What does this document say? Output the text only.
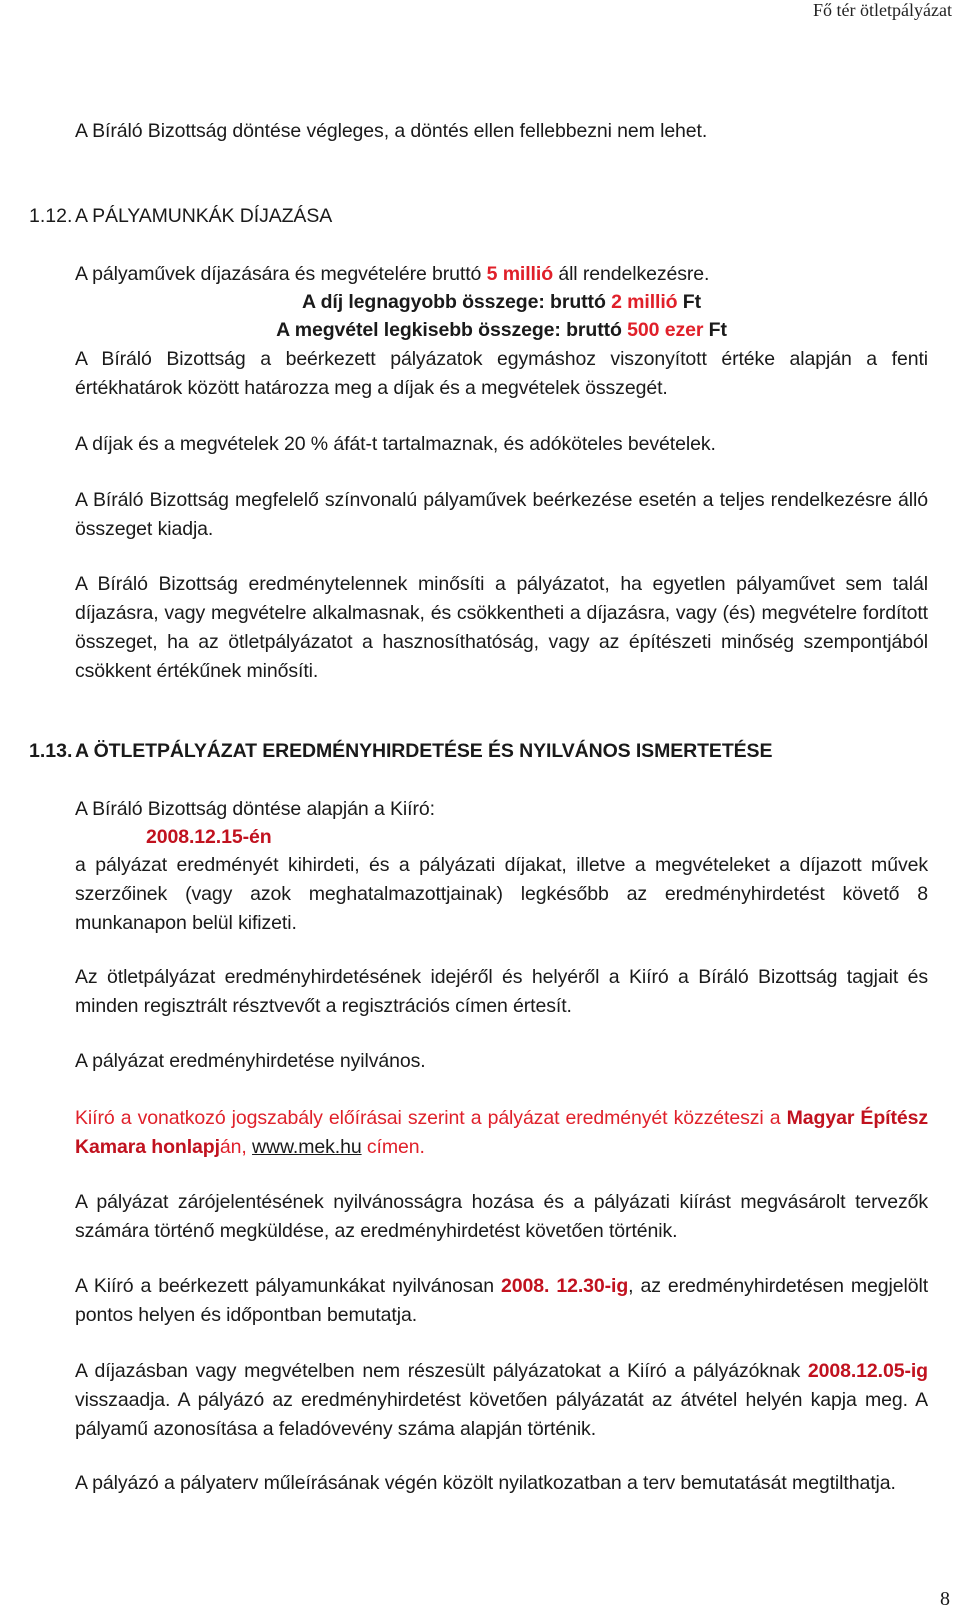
Fő tér ötletpályázat

A Bíráló Bizottság döntése végleges, a döntés ellen fellebbezni nem lehet.

1.12. A PÁLYAMUNKÁK DÍJAZÁSA

A pályaművek díjazására és megvételére bruttó 5 millió áll rendelkezésre.

A díj legnagyobb összege: bruttó 2 millió Ft

A megvétel legkisebb összege: bruttó 500 ezer Ft

A Bíráló Bizottság a beérkezett pályázatok egymáshoz viszonyított értéke alapján a fenti értékhatárok között határozza meg a díjak és a megvételek összegét.

A díjak és a megvételek 20 % áfát-t tartalmaznak, és adóköteles bevételek.

A Bíráló Bizottság megfelelő színvonalú pályaművek beérkezése esetén a teljes rendelkezésre álló összeget kiadja.

A Bíráló Bizottság eredménytelennek minősíti a pályázatot, ha egyetlen pályaművet sem talál díjazásra, vagy megvételre alkalmasnak, és csökkentheti a díjazásra, vagy (és) megvételre fordított összeget, ha az ötletpályázatot a hasznosíthatóság, vagy az építészeti minőség szempontjából csökkent értékűnek minősíti.

1.13. A ÖTLETPÁLYÁZAT EREDMÉNYHIRDETÉSE ÉS NYILVÁNOS ISMERTETÉSE

A Bíráló Bizottság döntése alapján a Kiíró:

2008.12.15-én

a pályázat eredményét kihirdeti, és a pályázati díjakat, illetve a megvételeket a díjazott művek szerzőinek (vagy azok meghatalmazottjainak) legkésőbb az eredményhirdetést követő 8 munkanapon belül kifizeti.

Az ötletpályázat eredményhirdetésének idejéről és helyéről a Kiíró a Bíráló Bizottság tagjait és minden regisztrált résztvevőt a regisztrációs címen értesít.

A pályázat eredményhirdetése nyilvános.

Kiíró a vonatkozó jogszabály előírásai szerint a pályázat eredményét közzéteszi a Magyar Építész Kamara honlapján, www.mek.hu címen.

A pályázat zárójelentésének nyilvánosságra hozása és a pályázati kiírást megvásárolt tervezők számára történő megküldése, az eredményhirdetést követően történik.

A Kiíró a beérkezett pályamunkákat nyilvánosan 2008. 12.30-ig, az eredményhirdetésen megjelölt pontos helyen és időpontban bemutatja.

A díjazásban vagy megvételben nem részesült pályázatokat a Kiíró a pályázóknak 2008.12.05-ig visszaadja. A pályázó az eredményhirdetést követően pályázatát az átvétel helyén kapja meg. A pályamű azonosítása a feladóvevény száma alapján történik.

A pályázó a pályaterv műleírásának végén közölt nyilatkozatban a terv bemutatását megtilthatja.

8
